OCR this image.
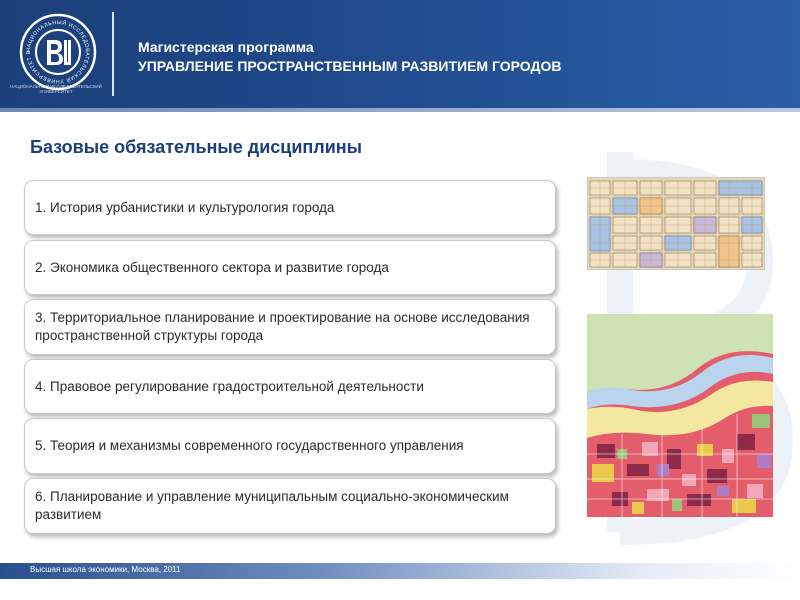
НАЦИОНАЛЬНЫЙ ИССЛЕДОВАТЕЛЬСКИЙ УНИВЕРСИТЕТ В
НАЦИОНАЛЬНЫЙ ИССЛЕДОВАТЕЛЬСКИЙ УНИВЕРСИТЕТ
Магистерская программа
УПРАВЛЕНИЕ ПРОСТРАНСТВЕННЫМ РАЗВИТИЕМ ГОРОДОВ
Базовые обязательные дисциплины
1. История урбанистики и культурология города
2. Экономика общественного сектора и развитие города
3. Территориальное планирование и проектирование на основе исследования пространственной структуры города
4. Правовое регулирование градостроительной деятельности
5. Теория и механизмы современного государственного управления
6. Планирование и управление муниципальным социально-экономическим развитием
Высшая школа экономики, Москва, 2011
